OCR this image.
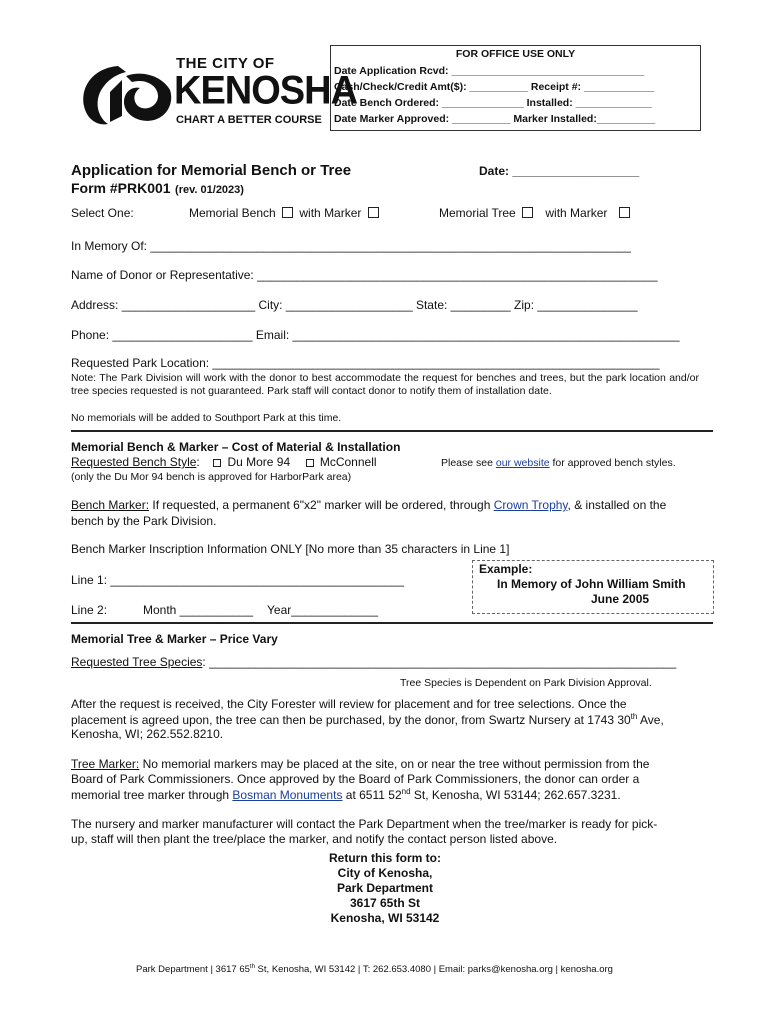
THE CITY OF
KENOSHA
CHART A BETTER COURSE
FOR OFFICE USE ONLY
Date Application Rcvd: _________________________________
Cash/Check/Credit Amt($): __________ Receipt #: ____________
Date Bench Ordered: ______________ Installed: _____________
Date Marker Approved: __________ Marker Installed:__________
Application for Memorial Bench or Tree
Form #PRK001 (rev. 01/2023)
Date: ___________________
Select One:	Memorial Bench with Marker	Memorial Tree with Marker
In Memory Of: ________________________________________________________________________
Name of Donor or Representative: ____________________________________________________________
Address: ____________________ City: ___________________ State: _________ Zip: _______________
Phone: _____________________ Email: __________________________________________________________
Requested Park Location: ___________________________________________________________________
Note: The Park Division will work with the donor to best accommodate the request for benches and trees, but the park location and/or tree species requested is not guaranteed. Park staff will contact donor to notify them of installation date.
No memorials will be added to Southport Park at this time.
Memorial Bench & Marker – Cost of Material & Installation
Requested Bench Style: Du More 94 McConnell	Please see our website for approved bench styles.
(only the Du Mor 94 bench is approved for HarborPark area)
Bench Marker: If requested, a permanent 6"x2" marker will be ordered, through Crown Trophy, & installed on the
bench by the Park Division.
Bench Marker Inscription Information ONLY [No more than 35 characters in Line 1]
Line 1: ____________________________________________
Line 2:	Month ___________ Year_____________
Example:
In Memory of John William Smith
June 2005
Memorial Tree & Marker – Price Vary
Requested Tree Species: ______________________________________________________________________
Tree Species is Dependent on Park Division Approval.
After the request is received, the City Forester will review for placement and for tree selections. Once the
placement is agreed upon, the tree can then be purchased, by the donor, from Swartz Nursery at 1743 30th Ave,
Kenosha, WI; 262.552.8210.
Tree Marker: No memorial markers may be placed at the site, on or near the tree without permission from the
Board of Park Commissioners. Once approved by the Board of Park Commissioners, the donor can order a
memorial tree marker through Bosman Monuments at 6511 52nd St, Kenosha, WI 53144; 262.657.3231.
The nursery and marker manufacturer will contact the Park Department when the tree/marker is ready for pick-
up, staff will then plant the tree/place the marker, and notify the contact person listed above.
Return this form to:
City of Kenosha,
Park Department
3617 65th St
Kenosha, WI 53142
Park Department | 3617 65th St, Kenosha, WI 53142 | T: 262.653.4080 | Email: parks@kenosha.org | kenosha.org
